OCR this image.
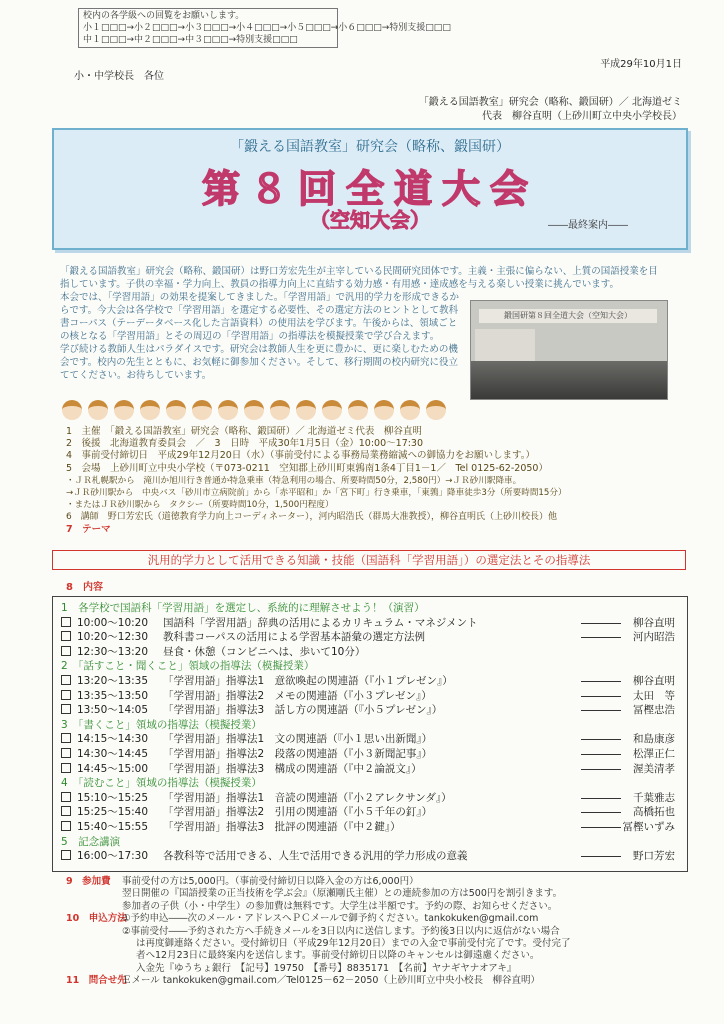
校内の各学級への回覧をお願いします。
小１□□□→小２□□□→小３□□□→小４□□□→小５□□□→小６□□□→特別支援□□□
中１□□□→中２□□□→中３□□□→特別支援□□□
小・中学校長　各位
平成29年10月1日
「鍛える国語教室」研究会（略称、鍛国研）／ 北海道ゼミ
代表　柳谷直明（上砂川町立中央小学校長）
「鍛える国語教室」研究会（略称、鍛国研）
第８回全道大会
（空知大会）	――最終案内――

「鍛える国語教室」研究会（略称、鍛国研）は野口芳宏先生が主宰している民間研究団体です。主義・主張に偏らない、上質の国語授業を目指しています。子供の幸福・学力向上、教員の指導力向上に直結する効力感・有用感・達成感を与える楽しい授業に挑んでいます。

本会では、「学習用語」の効果を提案してきました。「学習用語」で汎用的学力を形成できるからです。今大会は各学校で「学習用語」を選定する必要性、その選定方法のヒントとして教科書コーパス（テーデータベース化した言語資料）の使用法を学びます。午後からは、領域ごとの核となる「学習用語」とその周辺の「学習用語」の指導法を模擬授業で学び合えます。

学び続ける教師人生はパラダイスです。研究会は教師人生を更に豊かに、更に楽しむための機会です。校内の先生とともに、お気軽に御参加ください。そして、移行期間の校内研究に役立ててください。お待ちしています。

鍛国研第８回全道大会（空知大会）
1　主催　「鍛える国語教室」研究会（略称、鍛国研）／ 北海道ゼミ代表　柳谷直明
2　後援　北海道教育委員会　／　3　日時　平成30年1月5日（金）10:00～17:30
4　事前受付締切日　平成29年12月20日（水）（事前受付による事務局業務縮減への御協力をお願いします。）
5　会場　上砂川町立中央小学校（〒073-0211　空知郡上砂川町東鶉南1条4丁目1－1／　Tel 0125-62-2050）
・ＪＲ札幌駅から　滝川か旭川行き普通か特急乗車（特急利用の場合、所要時間50分，2,580円）→ＪＲ砂川駅降車。
→ＪＲ砂川駅から　中央バス「砂川市立病院前」から「赤平昭和」か「宮下町」行き乗車，「東鶉」降車徒歩3分（所要時間15分）
・またはＪＲ砂川駅から　タクシー（所要時間10分，1,500円程度）
6　講師　野口芳宏氏（道徳教育学力向上コーディネーター），河内昭浩氏（群馬大准教授），柳谷直明氏（上砂川校長）他
7　テーマ
汎用的学力として活用できる知識・技能（国語科「学習用語」）の選定法とその指導法
8　内容
1　各学校で国語科「学習用語」を選定し、系統的に理解させよう！（演習）
10:00～10:20 国語科「学習用語」辞典の活用によるカリキュラム・マネジメント	柳谷直明
10:20～12:30 教科書コーパスの活用による学習基本語彙の選定方法例	河内昭浩
12:30～13:20 昼食・休憩（コンビニへは、歩いて10分）
2　「話すこと・聞くこと」領域の指導法（模擬授業）
13:20～13:35 「学習用語」指導法1　意欲喚起の関連語（『小１プレゼン』）	柳谷直明
13:35～13:50 「学習用語」指導法2　メモの関連語（『小３プレゼン』）	太田　等
13:50～14:05 「学習用語」指導法3　話し方の関連語（『小５プレゼン』）	冨樫忠浩
3　「書くこと」領域の指導法（模擬授業）
14:15～14:30 「学習用語」指導法1　文の関連語（『小１思い出新聞』）	和島康彦
14:30～14:45 「学習用語」指導法2　段落の関連語（『小３新聞記事』）	松澤正仁
14:45～15:00 「学習用語」指導法3　構成の関連語（『中２論説文』）	渥美清孝
4　「読むこと」領域の指導法（模擬授業）
15:10～15:25 「学習用語」指導法1　音読の関連語（『小２アレクサンダ』）	千葉雅志
15:25～15:40 「学習用語」指導法2　引用の関連語（『小５千年の釘』）	高橋拓也
15:40～15:55 「学習用語」指導法3　批評の関連語（『中２鍵』）	冨樫いずみ
5　記念講演
16:00～17:30 各教科等で活用できる、人生で活用できる汎用的学力形成の意義	野口芳宏
9　参加費 事前受付の方は5,000円。（事前受付締切日以降入金の方は6,000円）
翌日開催の『国語授業の正当技術を学ぶ会』（原瀬剛氏主催）との連続参加の方は500円を割引きます。
参加者の子供（小・中学生）の参加費は無料です。大学生は半額です。予約の際、お知らせください。
10　申込方法①予約申込――次のメール・アドレスへＰＣメールで御予約ください。tankokuken@gmail.com
②事前受付――予約された方へ手続きメールを3日以内に送信します。予約後3日以内に返信がない場合
は再度御連絡ください。受付締切日（平成29年12月20日）までの入金で事前受付完了です。受付完了
者へ12月23日に最終案内を送信します。事前受付締切日以降のキャンセルは御遠慮ください。
入金先『ゆうちょ銀行　【記号】19750　【番号】8835171　【名前】ヤナギヤナオアキ』
11　問合せ先Ｅメール tankokuken@gmail.com／Tel0125－62－2050（上砂川町立中央小校長　柳谷直明）
